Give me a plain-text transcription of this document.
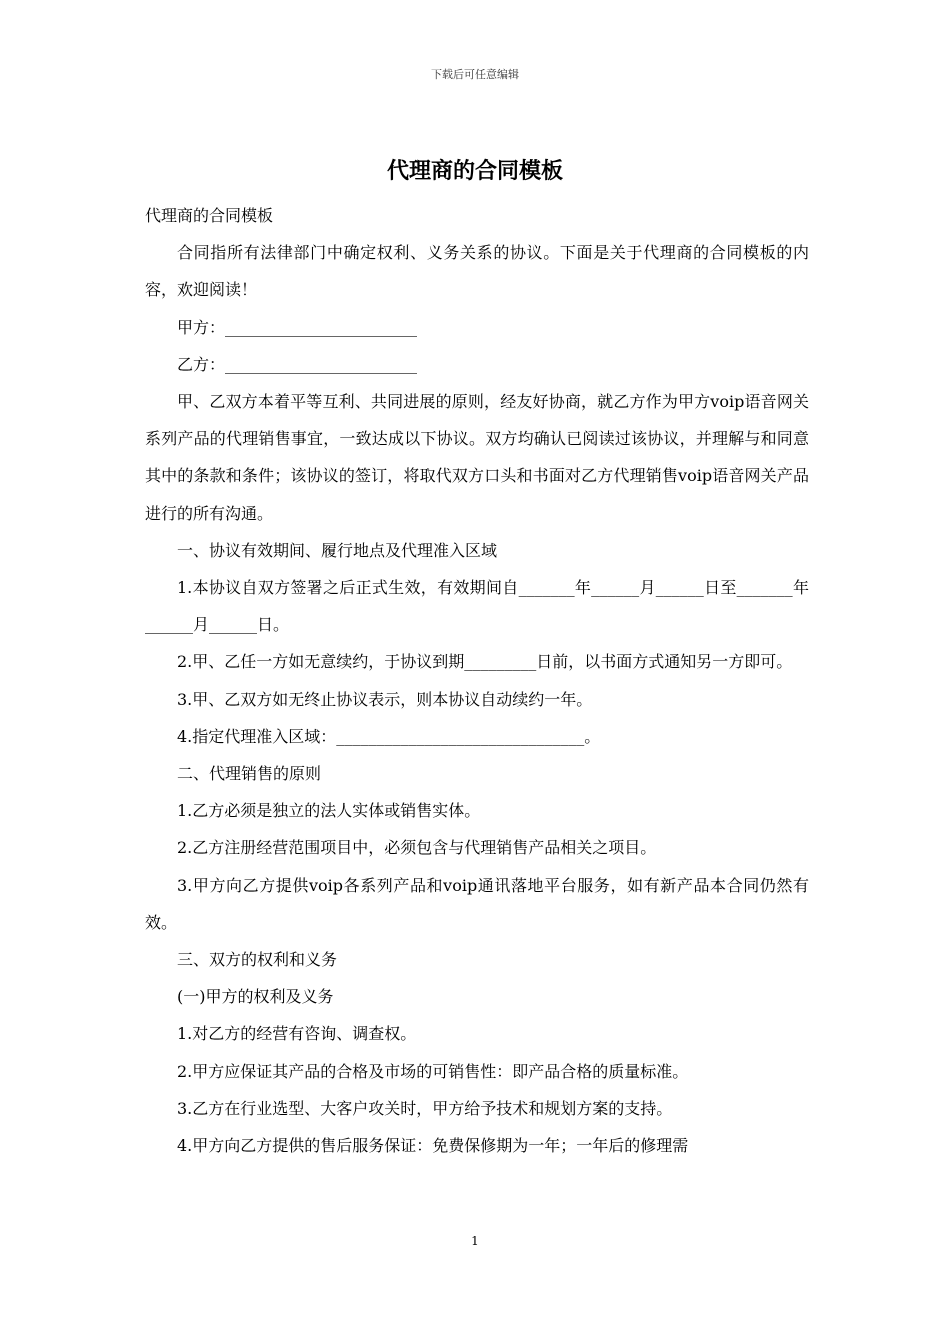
下载后可任意编辑
代理商的合同模板

代理商的合同模板

合同指所有法律部门中确定权利、义务关系的协议。下面是关于代理商的合同模板的内容，欢迎阅读！

甲方：________________________

乙方：________________________

甲、乙双方本着平等互利、共同进展的原则，经友好协商，就乙方作为甲方voip语音网关系列产品的代理销售事宜，一致达成以下协议。双方均确认已阅读过该协议，并理解与和同意其中的条款和条件；该协议的签订，将取代双方口头和书面对乙方代理销售voip语音网关产品进行的所有沟通。

一、协议有效期间、履行地点及代理准入区域

1.本协议自双方签署之后正式生效，有效期间自_______年______月______日至_______年______月______日。

2.甲、乙任一方如无意续约，于协议到期_________日前，以书面方式通知另一方即可。

3.甲、乙双方如无终止协议表示，则本协议自动续约一年。

4.指定代理准入区域：_______________________________。

二、代理销售的原则

1.乙方必须是独立的法人实体或销售实体。

2.乙方注册经营范围项目中，必须包含与代理销售产品相关之项目。

3.甲方向乙方提供voip各系列产品和voip通讯落地平台服务，如有新产品本合同仍然有效。

三、双方的权利和义务

(一)甲方的权利及义务

1.对乙方的经营有咨询、调查权。

2.甲方应保证其产品的合格及市场的可销售性：即产品合格的质量标准。

3.乙方在行业选型、大客户攻关时，甲方给予技术和规划方案的支持。

4.甲方向乙方提供的售后服务保证：免费保修期为一年；一年后的修理需

1
